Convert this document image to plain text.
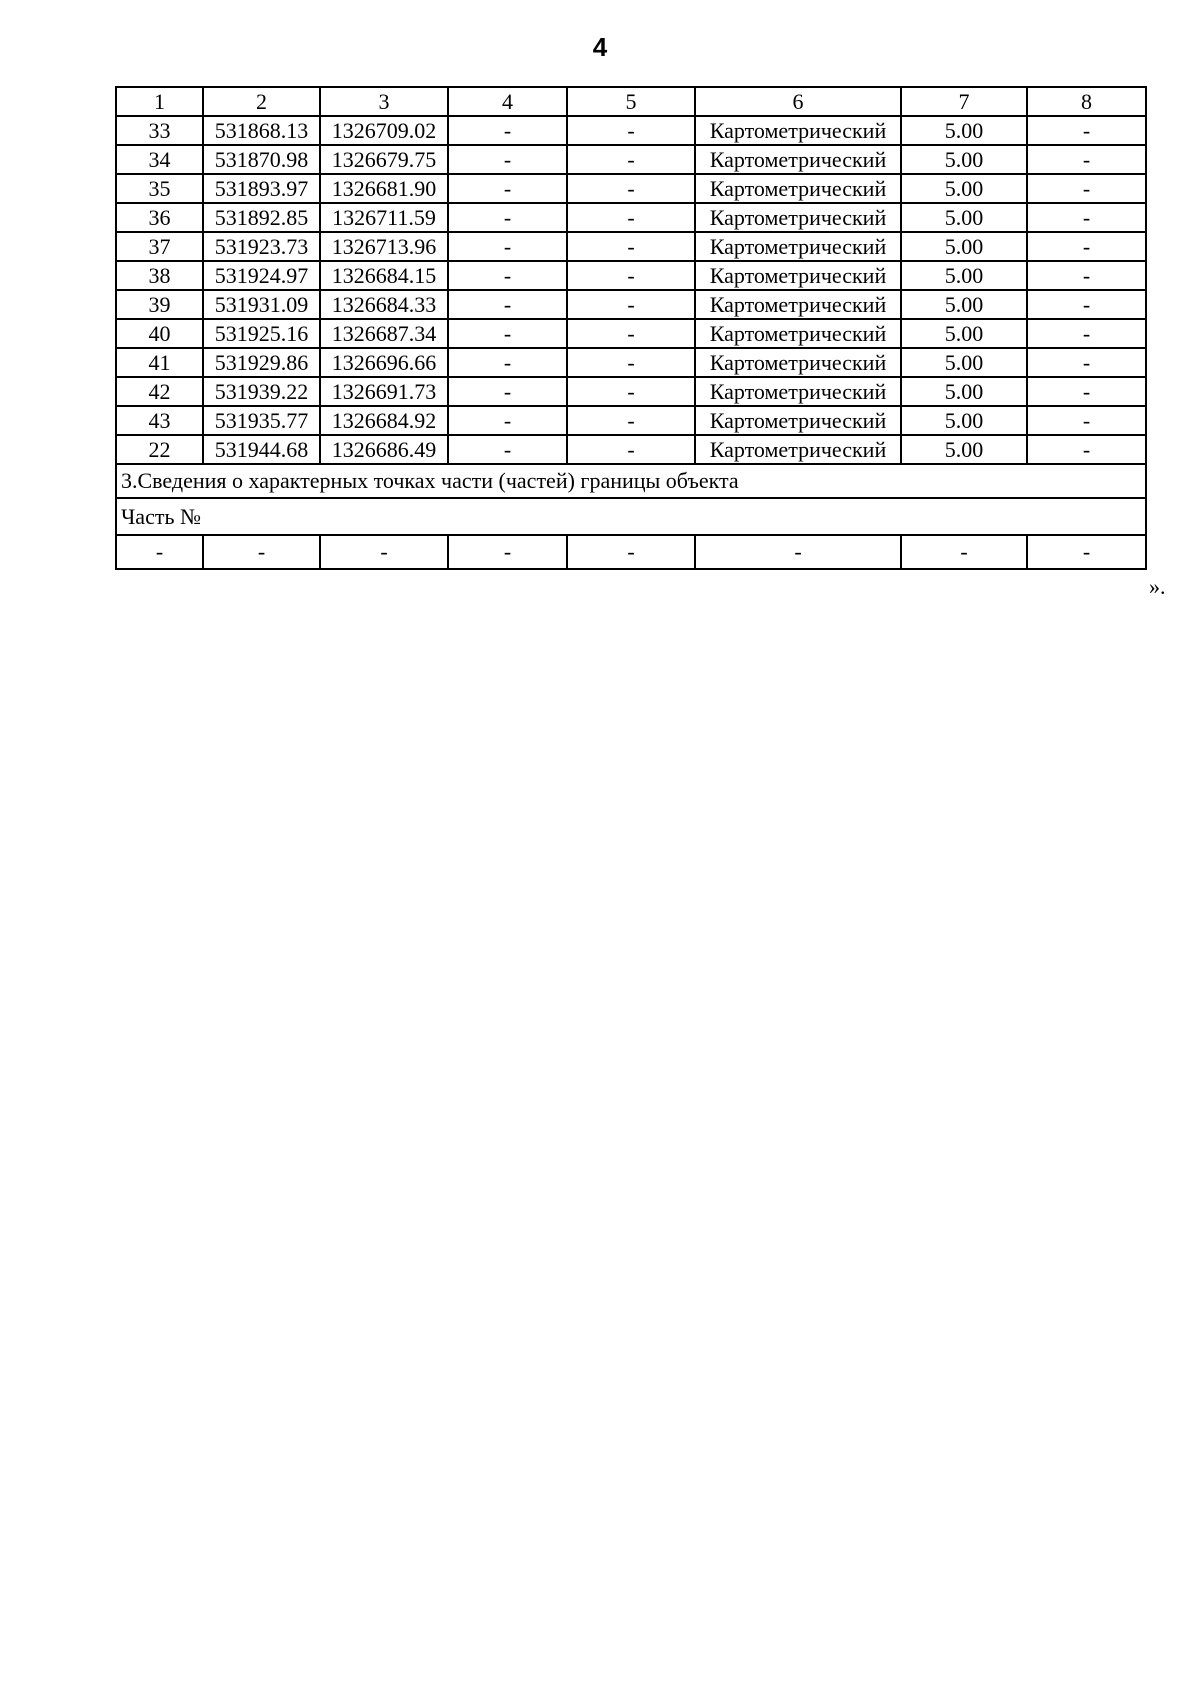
4
1	2	3	4	5	6	7	8
33	531868.13	1326709.02	-	-	Картометрический	5.00	-
34	531870.98	1326679.75	-	-	Картометрический	5.00	-
35	531893.97	1326681.90	-	-	Картометрический	5.00	-
36	531892.85	1326711.59	-	-	Картометрический	5.00	-
37	531923.73	1326713.96	-	-	Картометрический	5.00	-
38	531924.97	1326684.15	-	-	Картометрический	5.00	-
39	531931.09	1326684.33	-	-	Картометрический	5.00	-
40	531925.16	1326687.34	-	-	Картометрический	5.00	-
41	531929.86	1326696.66	-	-	Картометрический	5.00	-
42	531939.22	1326691.73	-	-	Картометрический	5.00	-
43	531935.77	1326684.92	-	-	Картометрический	5.00	-
22	531944.68	1326686.49	-	-	Картометрический	5.00	-
3.Сведения о характерных точках части (частей) границы объекта							
Часть №							
-	-	-	-	-	-	-	-
».
